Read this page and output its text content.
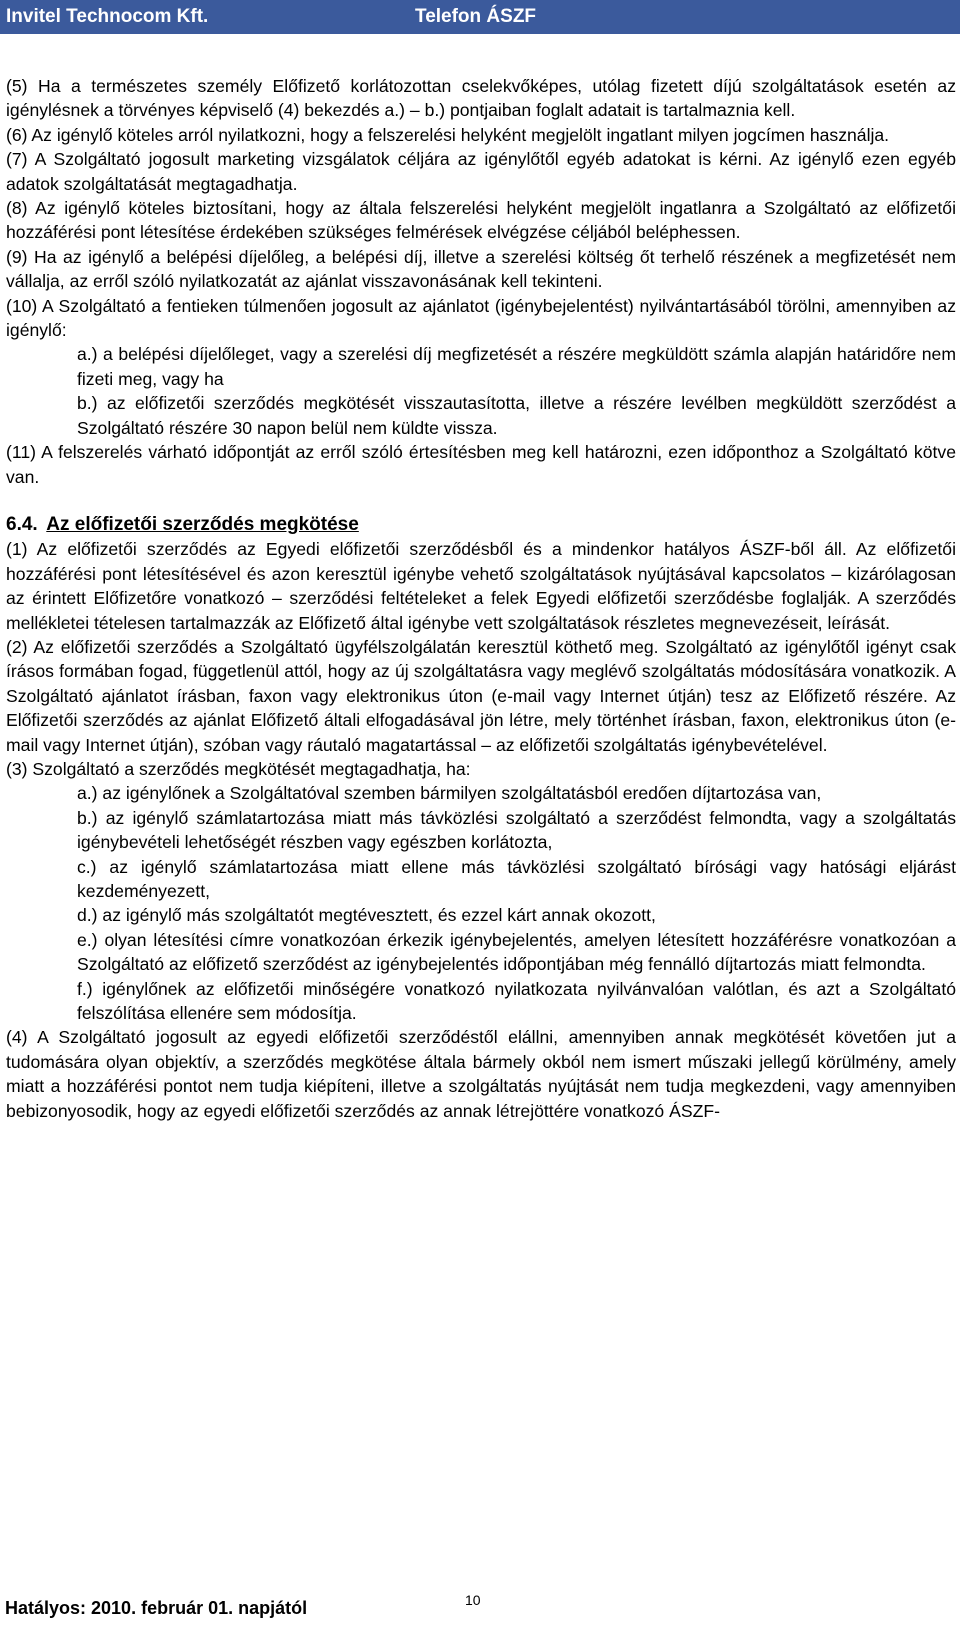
Invitel Technocom Kft.	Telefon ÁSZF

(5) Ha a természetes személy Előfizető korlátozottan cselekvőképes, utólag fizetett díjú szolgáltatások esetén az igénylésnek a törvényes képviselő (4) bekezdés a.) – b.) pontjaiban foglalt adatait is tartalmaznia kell.

(6) Az igénylő köteles arról nyilatkozni, hogy a felszerelési helyként megjelölt ingatlant milyen jogcímen használja.

(7) A Szolgáltató jogosult marketing vizsgálatok céljára az igénylőtől egyéb adatokat is kérni. Az igénylő ezen egyéb adatok szolgáltatását megtagadhatja.

(8) Az igénylő köteles biztosítani, hogy az általa felszerelési helyként megjelölt ingatlanra a Szolgáltató az előfizetői hozzáférési pont létesítése érdekében szükséges felmérések elvégzése céljából beléphessen.

(9) Ha az igénylő a belépési díjelőleg, a belépési díj, illetve a szerelési költség őt terhelő részének a megfizetését nem vállalja, az erről szóló nyilatkozatát az ajánlat visszavonásának kell tekinteni.

(10) A Szolgáltató a fentieken túlmenően jogosult az ajánlatot (igénybejelentést) nyilvántartásából törölni, amennyiben az igénylő:

a.) a belépési díjelőleget, vagy a szerelési díj megfizetését a részére megküldött számla alapján határidőre nem fizeti meg, vagy ha

b.) az előfizetői szerződés megkötését visszautasította, illetve a részére levélben megküldött szerződést a Szolgáltató részére 30 napon belül nem küldte vissza.

(11) A felszerelés várható időpontját az erről szóló értesítésben meg kell határozni, ezen időponthoz a Szolgáltató kötve van.

6.4. Az előfizetői szerződés megkötése

(1) Az előfizetői szerződés az Egyedi előfizetői szerződésből és a mindenkor hatályos ÁSZF-ből áll. Az előfizetői hozzáférési pont létesítésével és azon keresztül igénybe vehető szolgáltatások nyújtásával kapcsolatos – kizárólagosan az érintett Előfizetőre vonatkozó – szerződési feltételeket a felek Egyedi előfizetői szerződésbe foglalják. A szerződés mellékletei tételesen tartalmazzák az Előfizető által igénybe vett szolgáltatások részletes megnevezéseit, leírását.

(2) Az előfizetői szerződés a Szolgáltató ügyfélszolgálatán keresztül köthető meg. Szolgáltató az igénylőtől igényt csak írásos formában fogad, függetlenül attól, hogy az új szolgáltatásra vagy meglévő szolgáltatás módosítására vonatkozik. A Szolgáltató ajánlatot írásban, faxon vagy elektronikus úton (e-mail vagy Internet útján) tesz az Előfizető részére. Az Előfizetői szerződés az ajánlat Előfizető általi elfogadásával jön létre, mely történhet írásban, faxon, elektronikus úton (e-mail vagy Internet útján), szóban vagy ráutaló magatartással – az előfizetői szolgáltatás igénybevételével.

(3) Szolgáltató a szerződés megkötését megtagadhatja, ha:

a.) az igénylőnek a Szolgáltatóval szemben bármilyen szolgáltatásból eredően díjtartozása van,

b.) az igénylő számlatartozása miatt más távközlési szolgáltató a szerződést felmondta, vagy a szolgáltatás igénybevételi lehetőségét részben vagy egészben korlátozta,

c.) az igénylő számlatartozása miatt ellene más távközlési szolgáltató bírósági vagy hatósági eljárást kezdeményezett,

d.) az igénylő más szolgáltatót megtévesztett, és ezzel kárt annak okozott,

e.) olyan létesítési címre vonatkozóan érkezik igénybejelentés, amelyen létesített hozzáférésre vonatkozóan a Szolgáltató az előfizető szerződést az igénybejelentés időpontjában még fennálló díjtartozás miatt felmondta.

f.) igénylőnek az előfizetői minőségére vonatkozó nyilatkozata nyilvánvalóan valótlan, és azt a Szolgáltató felszólítása ellenére sem módosítja.

(4) A Szolgáltató jogosult az egyedi előfizetői szerződéstől elállni, amennyiben annak megkötését követően jut a tudomására olyan objektív, a szerződés megkötése általa bármely okból nem ismert műszaki jellegű körülmény, amely miatt a hozzáférési pontot nem tudja kiépíteni, illetve a szolgáltatás nyújtását nem tudja megkezdeni, vagy amennyiben bebizonyosodik, hogy az egyedi előfizetői szerződés az annak létrejöttére vonatkozó ÁSZF-

Hatályos: 2010. február 01. napjától	10
